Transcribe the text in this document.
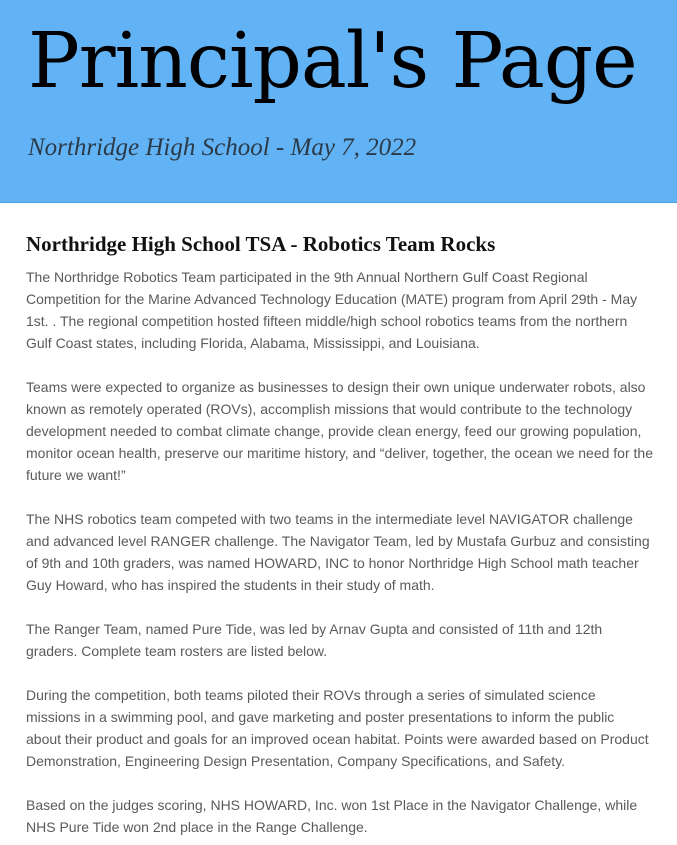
Principal's Page

Northridge High School - May 7, 2022

Northridge High School TSA - Robotics Team Rocks

The Northridge Robotics Team participated in the 9th Annual Northern Gulf Coast Regional Competition for the Marine Advanced Technology Education (MATE) program from April 29th - May 1st. . The regional competition hosted fifteen middle/high school robotics teams from the northern Gulf Coast states, including Florida, Alabama, Mississippi, and Louisiana.

Teams were expected to organize as businesses to design their own unique underwater robots, also known as remotely operated (ROVs), accomplish missions that would contribute to the technology development needed to combat climate change, provide clean energy, feed our growing population, monitor ocean health, preserve our maritime history, and “deliver, together, the ocean we need for the future we want!”

The NHS robotics team competed with two teams in the intermediate level NAVIGATOR challenge and advanced level RANGER challenge. The Navigator Team, led by Mustafa Gurbuz and consisting of 9th and 10th graders, was named HOWARD, INC to honor Northridge High School math teacher Guy Howard, who has inspired the students in their study of math.

The Ranger Team, named Pure Tide, was led by Arnav Gupta and consisted of 11th and 12th graders. Complete team rosters are listed below.

During the competition, both teams piloted their ROVs through a series of simulated science missions in a swimming pool, and gave marketing and poster presentations to inform the public about their product and goals for an improved ocean habitat. Points were awarded based on Product Demonstration, Engineering Design Presentation, Company Specifications, and Safety.

Based on the judges scoring, NHS HOWARD, Inc. won 1st Place in the Navigator Challenge, while NHS Pure Tide won 2nd place in the Range Challenge.
